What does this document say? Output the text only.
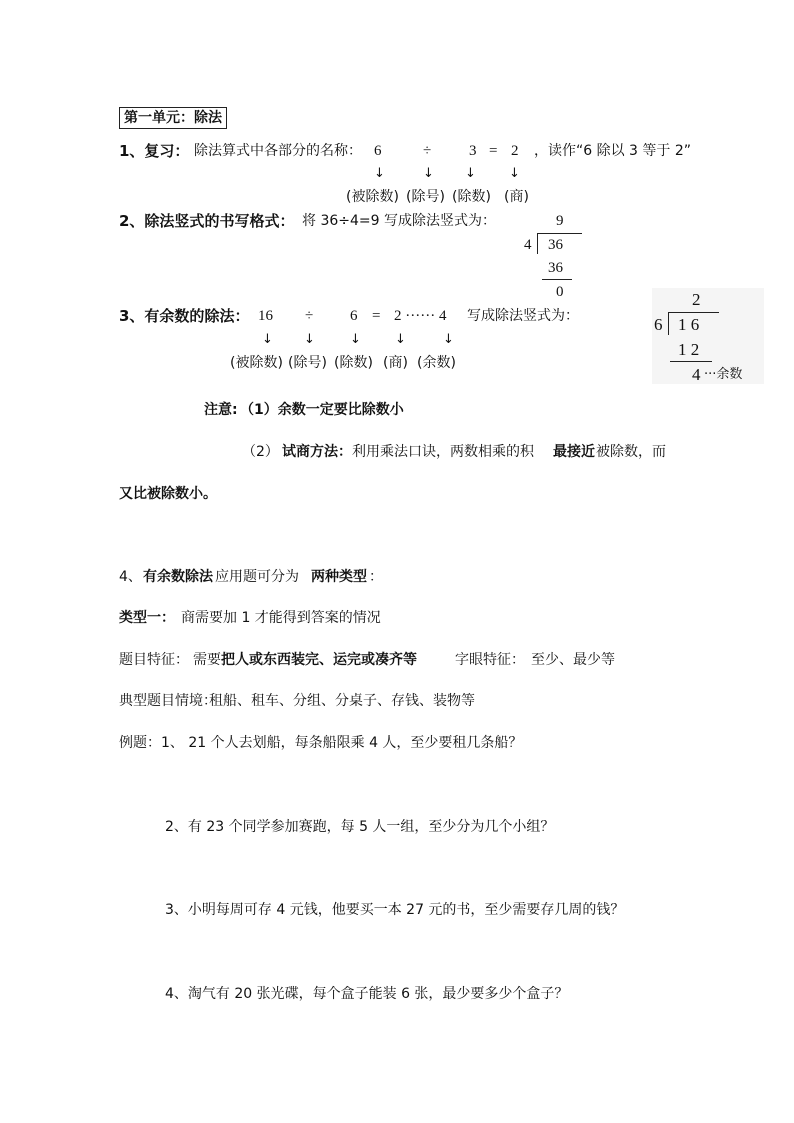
第一单元：除法
1、复习： 除法算式中各部分的名称： 6	÷	3 = 2 ，读作“6 除以 3 等于 2”
↓	↓ ↓	↓
(被除数) (除号) (除数) (商)
2、除法竖式的书写格式： 将 36÷4=9 写成除法竖式为：	9
4 36
36
0
3、有余数的除法： 16 ÷ 6 = 2 ······ 4 写成除法竖式为：
↓ ↓	↓	↓	↓
(被除数) (除号) (除数) (商) (余数)
2
6 1 6
1 2
4 ···余数
注意: （1）余数一定要比除数小
（2） 试商方法： 利用乘法口诀，两数相乘的积 最接近 被除数，而
又比被除数小。
4、 有余数除法 应用题可分为 两种类型 ：
类型一： 商需要加 1 才能得到答案的情况
题目特征： 需要 把人或东西装完、运完或凑齐等	字眼特征： 至少、最少等
典型题目情境：
租船、租车、分组、分桌子、存钱、装物等
例题：1、 21 个人去划船，每条船限乘 4 人，至少要租几条船？
2、有 23 个同学参加赛跑，每 5 人一组，至少分为几个小组？
3、小明每周可存 4 元钱，他要买一本 27 元的书，至少需要存几周的钱？
4、淘气有 20 张光碟，每个盒子能装 6 张，最少要多少个盒子？
